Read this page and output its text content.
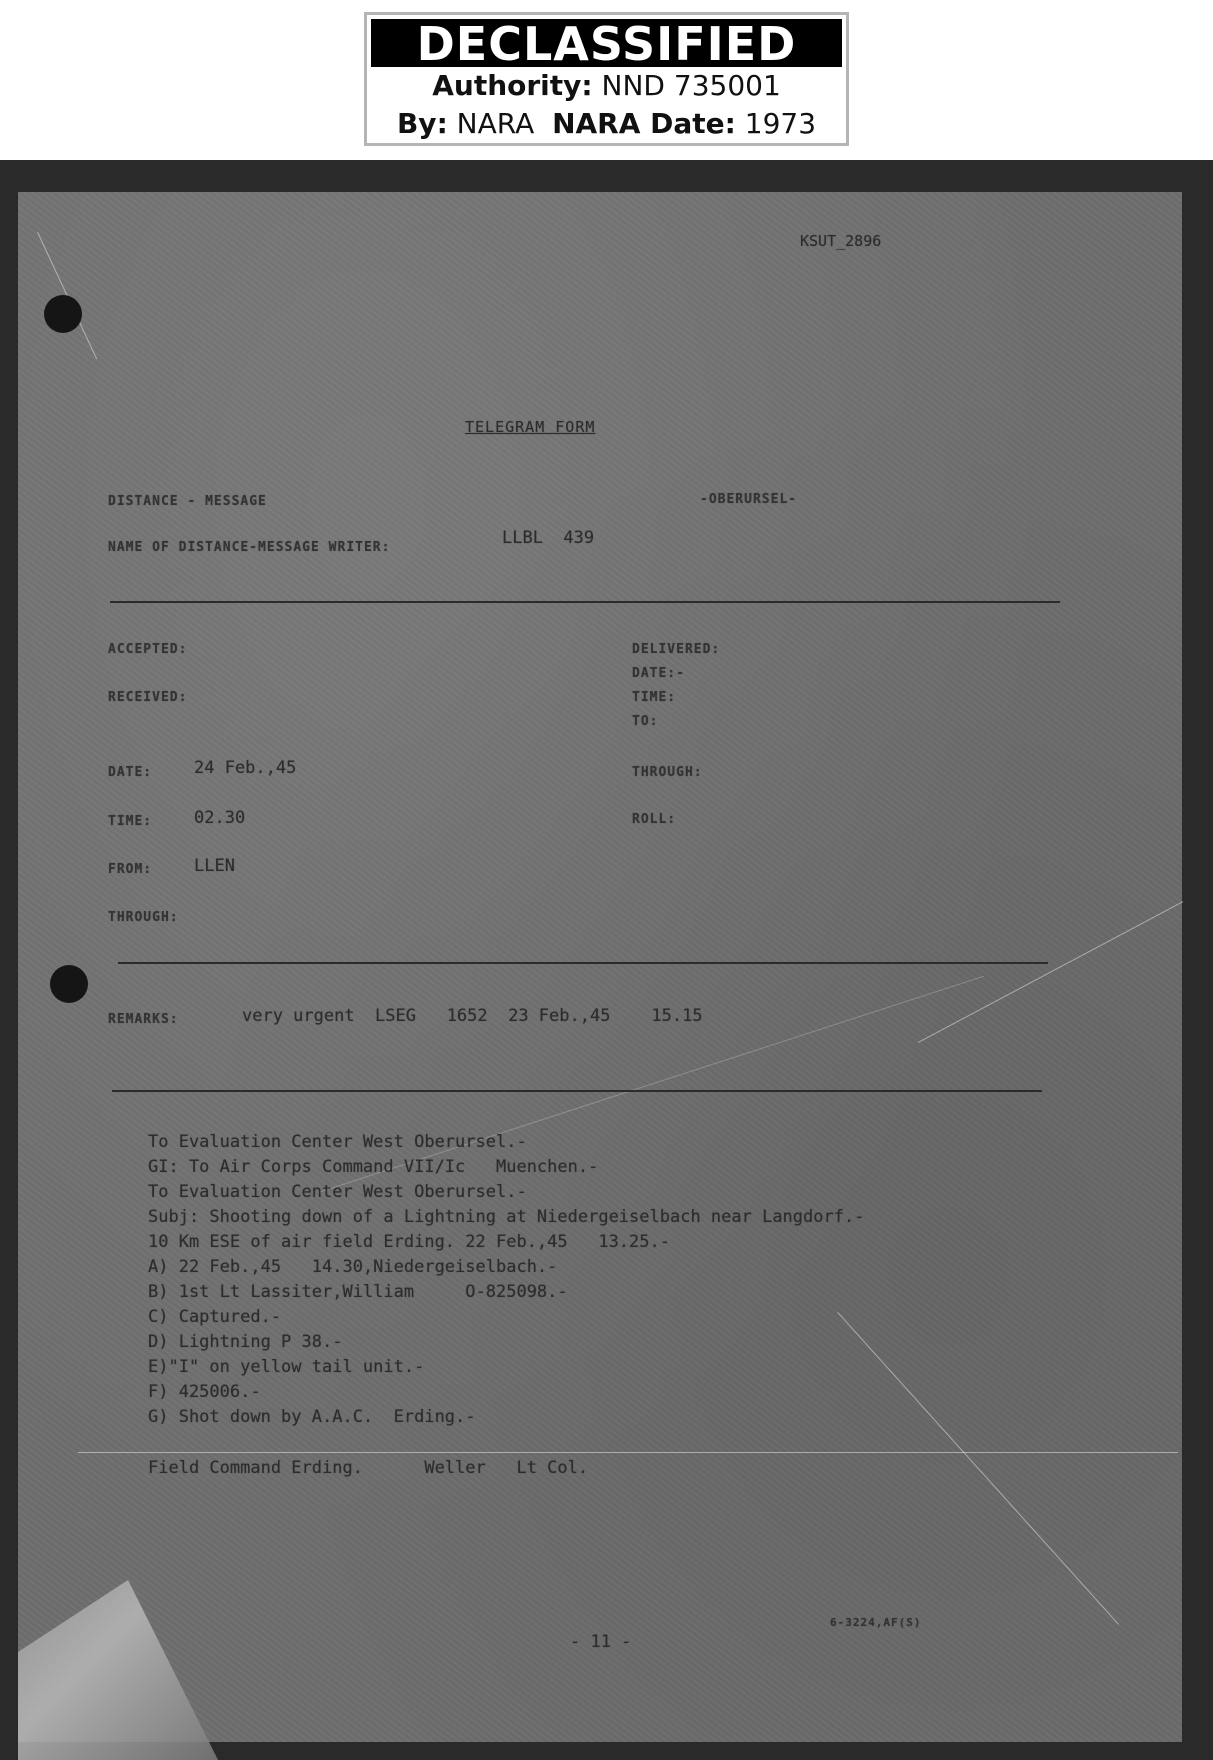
DECLASSIFIED
Authority: NND 735001
By: NARA NARA Date: 1973
KSUT_2896
TELEGRAM FORM
DISTANCE - MESSAGE	-OBERURSEL-
NAME OF DISTANCE-MESSAGE WRITER:	LLBL  439
ACCEPTED:
RECEIVED:
DELIVERED:
DATE:-
TIME:
TO:
DATE: 24 Feb.,45	THROUGH:
TIME: 02.30	ROLL:
FROM: LLEN
THROUGH:
REMARKS:	very urgent  LSEG   1652  23 Feb.,45    15.15
To Evaluation Center West Oberursel.-
GI: To Air Corps Command VII/Ic   Muenchen.-
To Evaluation Center West Oberursel.-
Subj: Shooting down of a Lightning at Niedergeiselbach near Langdorf.-
10 Km ESE of air field Erding. 22 Feb.,45   13.25.-
A) 22 Feb.,45   14.30,Niedergeiselbach.-
B) 1st Lt Lassiter,William     O-825098.-
C) Captured.-
D) Lightning P 38.-
E)"I" on yellow tail unit.-
F) 425006.-
G) Shot down by A.A.C.  Erding.-
Field Command Erding.      Weller   Lt Col.
6-3224,AF(S)
- 11 -
